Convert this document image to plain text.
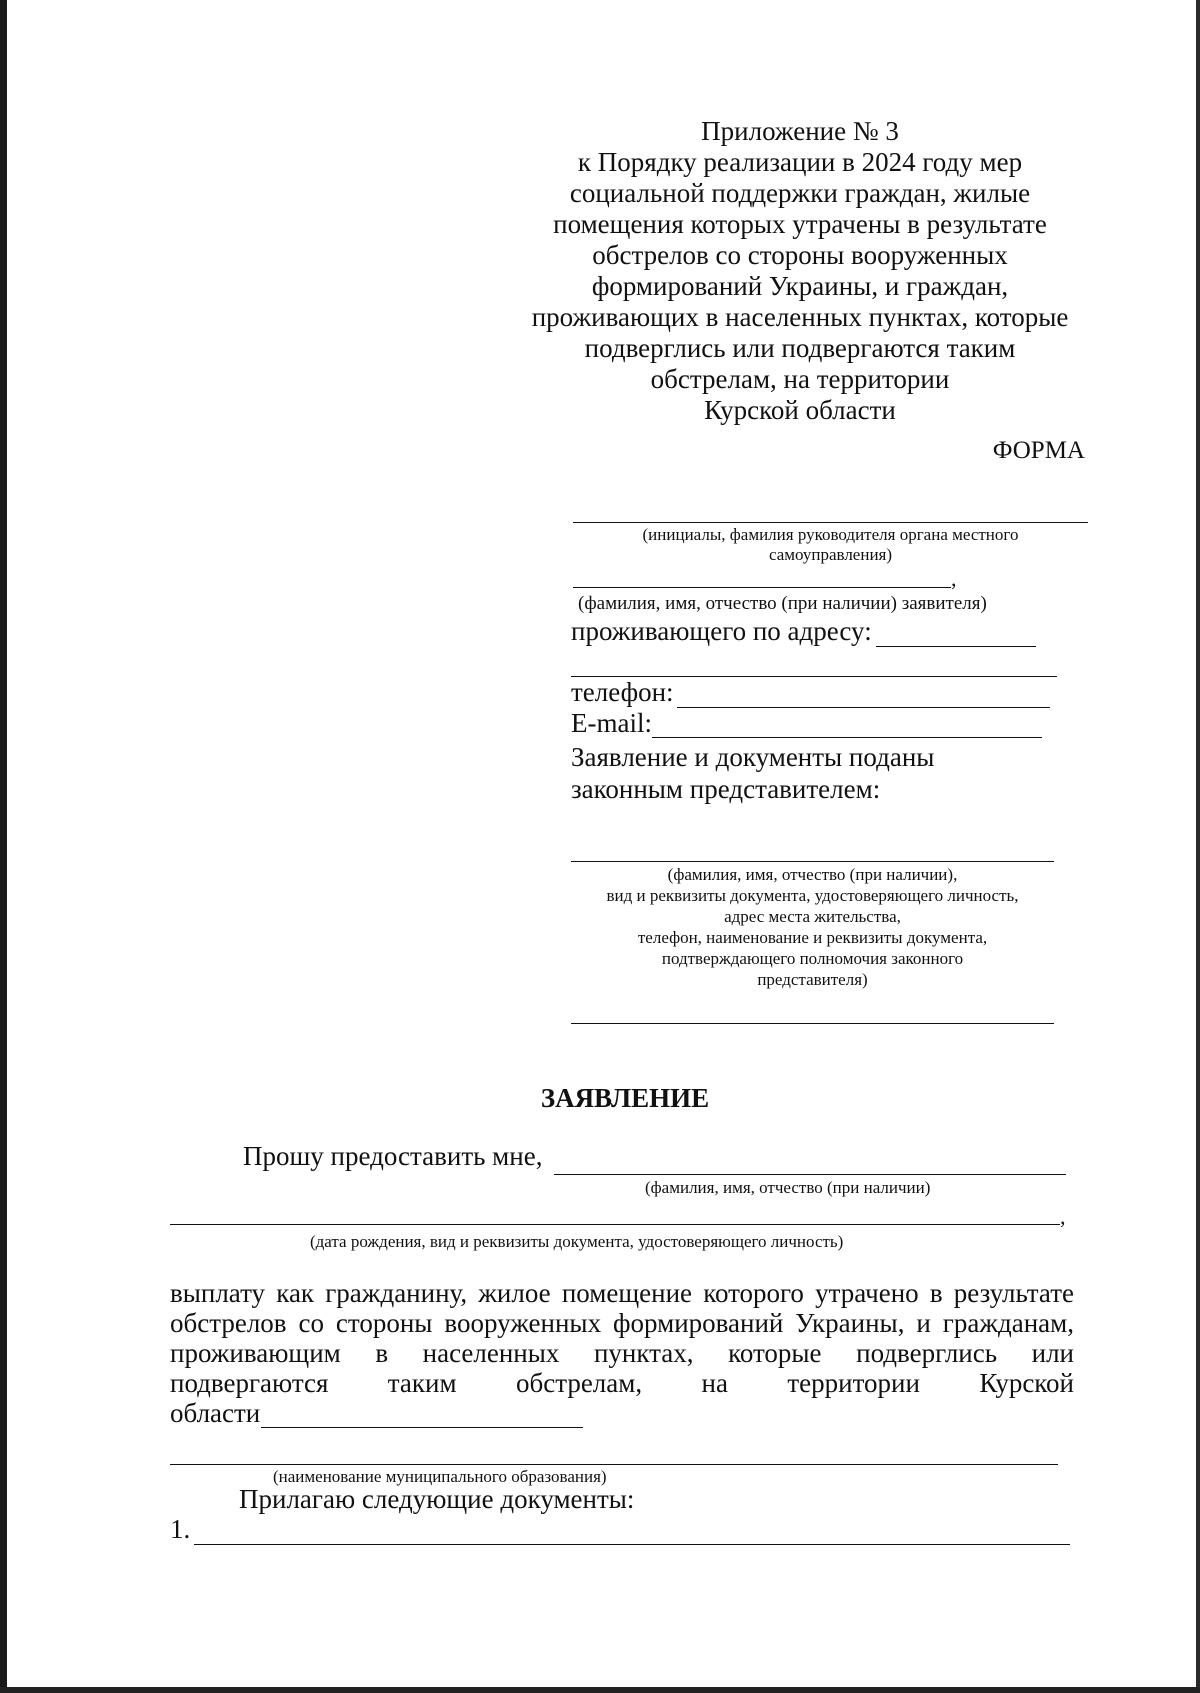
Приложение № 3
к Порядку реализации в 2024 году мер
социальной поддержки граждан, жилые
помещения которых утрачены в результате
обстрелов со стороны вооруженных
формирований Украины, и граждан,
проживающих в населенных пунктах, которые
подверглись или подвергаются таким
обстрелам, на территории
Курской области
ФОРМА
(инициалы, фамилия руководителя органа местного
самоуправления)
,
(фамилия, имя, отчество (при наличии) заявителя)
проживающего по адресу:
телефон:
E-mail:
Заявление и документы поданы
законным представителем:
(фамилия, имя, отчество (при наличии),
вид и реквизиты документа, удостоверяющего личность,
адрес места жительства,
телефон, наименование и реквизиты документа,
подтверждающего полномочия законного
представителя)
ЗАЯВЛЕНИЕ
Прошу предоставить мне,
(фамилия, имя, отчество (при наличии)
,
(дата рождения, вид и реквизиты документа, удостоверяющего личность)
выплату как гражданину, жилое помещение которого утрачено в результате
обстрелов со стороны вооруженных формирований Украины, и гражданам,
проживающим в населенных пунктах, которые подверглись или
подвергаются таким обстрелам, на территории Курской
области
(наименование муниципального образования)
Прилагаю следующие документы:
1.
